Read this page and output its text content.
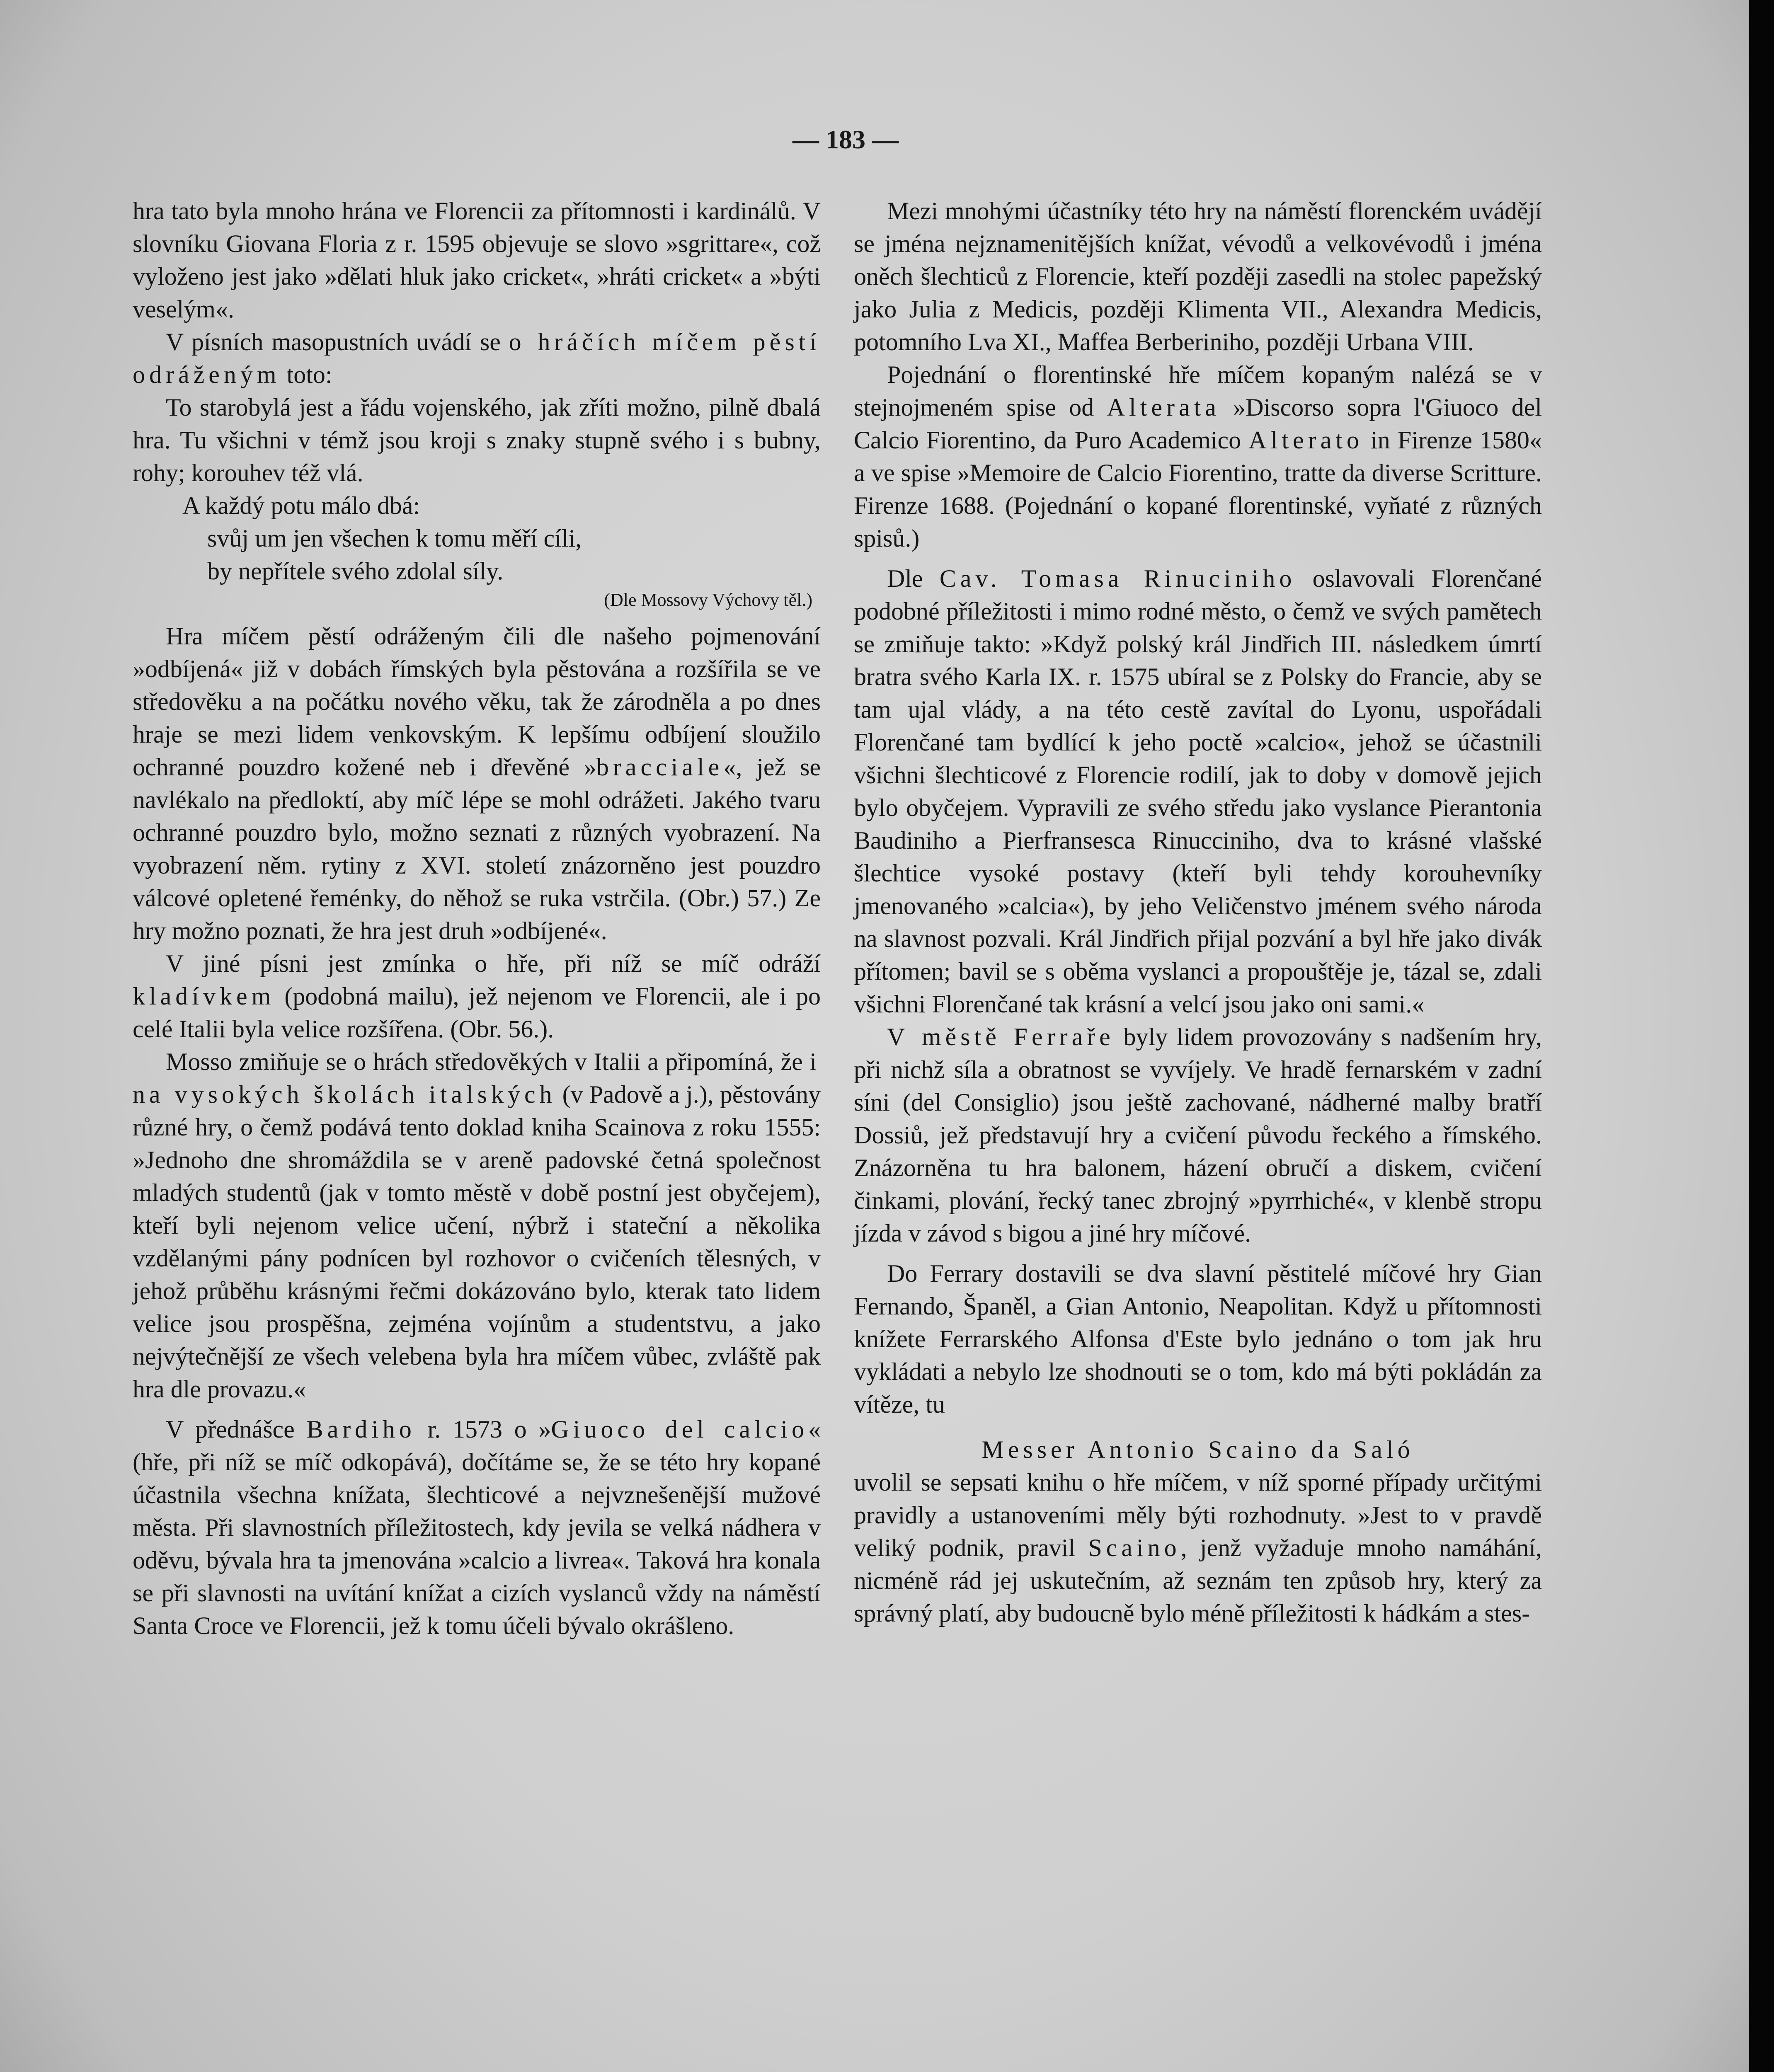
— 183 —

hra tato byla mnoho hrána ve Florencii za přítomnosti i kardinálů. V slovníku Giovana Floria z r. 1595 objevuje se slovo »sgrittare«, což vyloženo jest jako »dělati hluk jako cricket«, »hráti cricket« a »býti veselým«.

V písních masopustních uvádí se o hráčích míčem pěstí odráženým toto:

To starobylá jest a řádu vojenského, jak zříti možno, pilně dbalá hra. Tu všichni v témž jsou kroji s znaky stupně svého i s bubny, rohy; korouhev též vlá.

A každý potu málo dbá:

svůj um jen všechen k tomu měří cíli,

by nepřítele svého zdolal síly.

(Dle Mossovy Výchovy těl.)

Hra míčem pěstí odráženým čili dle našeho pojmenování »odbíjená« již v dobách římských byla pěstována a rozšířila se ve středověku a na počátku nového věku, tak že zárodněla a po dnes hraje se mezi lidem venkovským. K lepšímu odbíjení sloužilo ochranné pouzdro kožené neb i dřevěné »bracciale«, jež se navlékalo na předloktí, aby míč lépe se mohl odrážeti. Jakého tvaru ochranné pouzdro bylo, možno seznati z různých vyobrazení. Na vyobrazení něm. rytiny z XVI. století znázorněno jest pouzdro válcové opletené řeménky, do něhož se ruka vstrčila. (Obr.) 57.) Ze hry možno poznati, že hra jest druh »odbíjené«.

V jiné písni jest zmínka o hře, při níž se míč odráží kladívkem (podobná mailu), jež nejenom ve Florencii, ale i po celé Italii byla velice rozšířena. (Obr. 56.).

Mosso zmiňuje se o hrách středověkých v Italii a připomíná, že i na vysokých školách italských (v Padově a j.), pěstovány různé hry, o čemž podává tento doklad kniha Scainova z roku 1555: »Jednoho dne shromáždila se v areně padovské četná společnost mladých studentů (jak v tomto městě v době postní jest obyčejem), kteří byli nejenom velice učení, nýbrž i stateční a několika vzdělanými pány podnícen byl rozhovor o cvičeních tělesných, v jehož průběhu krásnými řečmi dokázováno bylo, kterak tato lidem velice jsou prospěšna, zejména vojínům a studentstvu, a jako nejvýtečnější ze všech velebena byla hra míčem vůbec, zvláště pak hra dle provazu.«

V přednášce Bardiho r. 1573 o »Giuoco del calcio« (hře, při níž se míč odkopává), dočítáme se, že se této hry kopané účastnila všechna knížata, šlechticové a nejvznešenější mužové města. Při slavnostních příležitostech, kdy jevila se velká nádhera v oděvu, bývala hra ta jmenována »calcio a livrea«. Taková hra konala se při slavnosti na uvítání knížat a cizích vyslanců vždy na náměstí Santa Croce ve Florencii, jež k tomu účeli bývalo okrášleno.

Mezi mnohými účastníky této hry na náměstí florenckém uvádějí se jména nejznamenitějších knížat, vévodů a velkovévodů i jména oněch šlechticů z Florencie, kteří později zasedli na stolec papežský jako Julia z Medicis, později Klimenta VII., Alexandra Medicis, potomního Lva XI., Maffea Berberiniho, později Urbana VIII.

Pojednání o florentinské hře míčem kopaným nalézá se v stejnojmeném spise od Alterata »Discorso sopra l'Giuoco del Calcio Fiorentino, da Puro Academico Alterato in Firenze 1580« a ve spise »Memoire de Calcio Fiorentino, tratte da diverse Scritture. Firenze 1688. (Pojednání o kopané florentinské, vyňaté z různých spisů.)

Dle Cav. Tomasa Rinuciniho oslavovali Florenčané podobné příležitosti i mimo rodné město, o čemž ve svých pamětech se zmiňuje takto: »Když polský král Jindřich III. následkem úmrtí bratra svého Karla IX. r. 1575 ubíral se z Polsky do Francie, aby se tam ujal vlády, a na této cestě zavítal do Lyonu, uspořádali Florenčané tam bydlící k jeho poctě »calcio«, jehož se účastnili všichni šlechticové z Florencie rodilí, jak to doby v domově jejich bylo obyčejem. Vypravili ze svého středu jako vyslance Pierantonia Baudiniho a Pierfransesca Rinucciniho, dva to krásné vlašské šlechtice vysoké postavy (kteří byli tehdy korouhevníky jmenovaného »calcia«), by jeho Veličenstvo jménem svého národa na slavnost pozvali. Král Jindřich přijal pozvání a byl hře jako divák přítomen; bavil se s oběma vyslanci a propouštěje je, tázal se, zdali všichni Florenčané tak krásní a velcí jsou jako oni sami.«

V městě Ferraře byly lidem provozovány s nadšením hry, při nichž síla a obratnost se vyvíjely. Ve hradě fernarském v zadní síni (del Consiglio) jsou ještě zachované, nádherné malby bratří Dossiů, jež představují hry a cvičení původu řeckého a římského. Znázorněna tu hra balonem, házení obručí a diskem, cvičení činkami, plování, řecký tanec zbrojný »pyrrhiché«, v klenbě stropu jízda v závod s bigou a jiné hry míčové.

Do Ferrary dostavili se dva slavní pěstitelé míčové hry Gian Fernando, Španěl, a Gian Antonio, Neapolitan. Když u přítomnosti knížete Ferrarského Alfonsa d'Este bylo jednáno o tom jak hru vykládati a nebylo lze shodnouti se o tom, kdo má býti pokládán za vítěze, tu

Messer Antonio Scaino da Saló

uvolil se sepsati knihu o hře míčem, v níž sporné případy určitými pravidly a ustanoveními měly býti rozhodnuty. »Jest to v pravdě veliký podnik, pravil Scaino, jenž vyžaduje mnoho namáhání, nicméně rád jej uskutečním, až seznám ten způsob hry, který za správný platí, aby budoucně bylo méně příležitosti k hádkám a stes-
